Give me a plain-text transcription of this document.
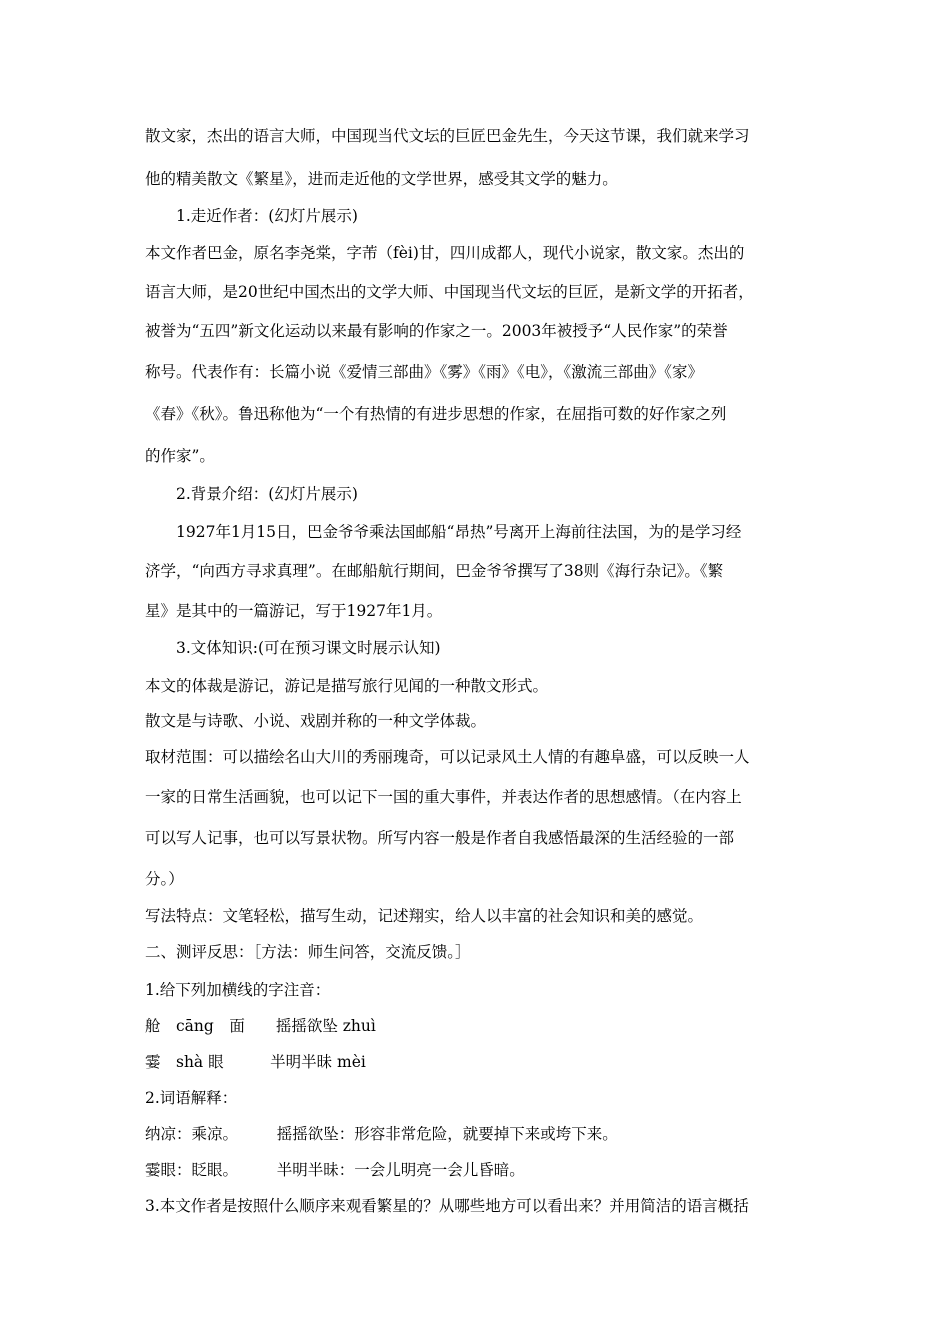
散文家，杰出的语言大师，中国现当代文坛的巨匠巴金先生，今天这节课，我们就来学习
他的精美散文《繁星》，进而走近他的文学世界，感受其文学的魅力。
1.走近作者：(幻灯片展示)
本文作者巴金，原名李尧棠，字芾（fèi)甘，四川成都人，现代小说家，散文家。杰出的
语言大师，是20世纪中国杰出的文学大师、中国现当代文坛的巨匠，是新文学的开拓者，
被誉为“五四”新文化运动以来最有影响的作家之一。2003年被授予“人民作家”的荣誉
称号。代表作有：长篇小说《爱情三部曲》《雾》《雨》《电》，《激流三部曲》《家》
《春》《秋》。鲁迅称他为“一个有热情的有进步思想的作家，在屈指可数的好作家之列
的作家”。
2.背景介绍：(幻灯片展示)
1927年1月15日，巴金爷爷乘法国邮船“昂热”号离开上海前往法国，为的是学习经
济学，“向西方寻求真理”。在邮船航行期间，巴金爷爷撰写了38则《海行杂记》。《繁
星》是其中的一篇游记，写于1927年1月。
3.文体知识:(可在预习课文时展示认知)
本文的体裁是游记，游记是描写旅行见闻的一种散文形式。
散文是与诗歌、小说、戏剧并称的一种文学体裁。
取材范围：可以描绘名山大川的秀丽瑰奇，可以记录风土人情的有趣阜盛，可以反映一人
一家的日常生活画貌，也可以记下一国的重大事件，并表达作者的思想感情。（在内容上
可以写人记事，也可以写景状物。所写内容一般是作者自我感悟最深的生活经验的一部
分。）
写法特点：文笔轻松，描写生动，记述翔实，给人以丰富的社会知识和美的感觉。
二、测评反思：［方法：师生问答，交流反馈。］
1.给下列加横线的字注音：
舱　cāng　面　　摇摇欲坠 zhuì
霎　shà 眼　　　半明半昧 mèi
2.词语解释：
纳凉：乘凉。　　　摇摇欲坠：形容非常危险，就要掉下来或垮下来。
霎眼：眨眼。　　　半明半昧：一会儿明亮一会儿昏暗。
3.本文作者是按照什么顺序来观看繁星的？从哪些地方可以看出来？并用简洁的语言概括
